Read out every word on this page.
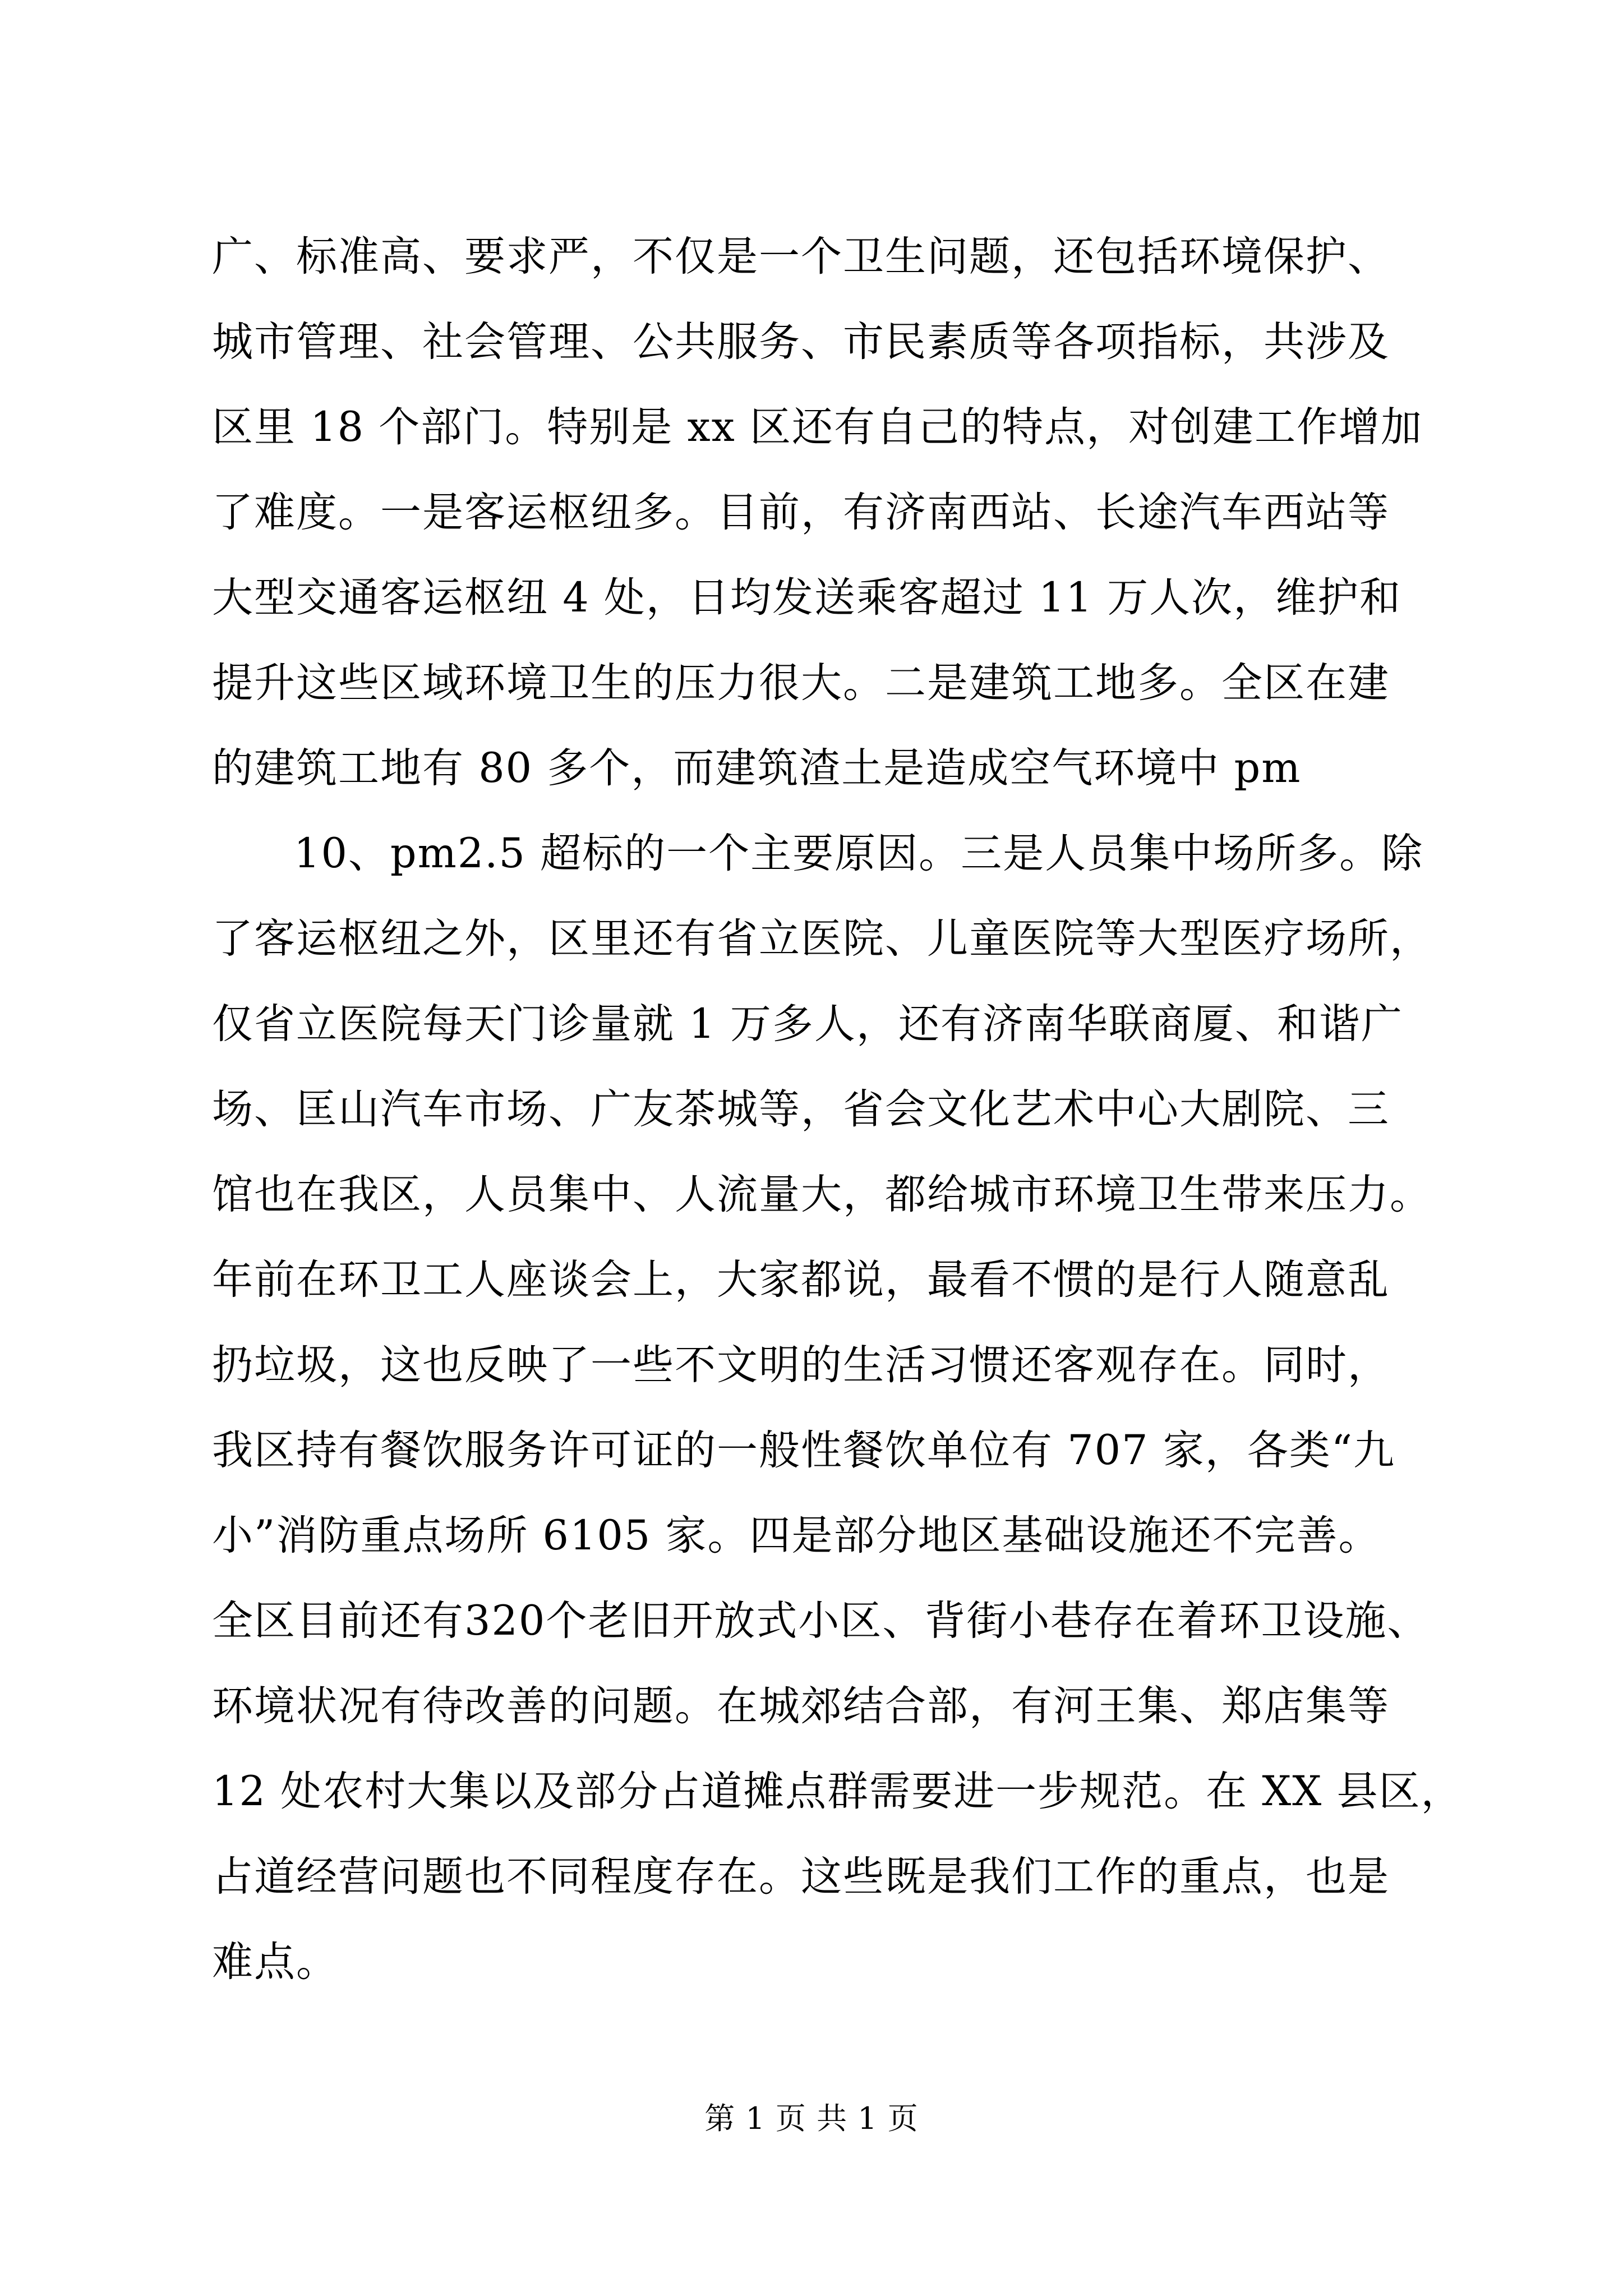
广、标准高、要求严，不仅是一个卫生问题，还包括环境保护、
城市管理、社会管理、公共服务、市民素质等各项指标，共涉及
区里 18 个部门。特别是 xx 区还有自己的特点，对创建工作增加
了难度。一是客运枢纽多。目前，有济南西站、长途汽车西站等
大型交通客运枢纽 4 处，日均发送乘客超过 11 万人次，维护和
提升这些区域环境卫生的压力很大。二是建筑工地多。全区在建
的建筑工地有 80 多个，而建筑渣土是造成空气环境中 pm
10、pm2.5 超标的一个主要原因。三是人员集中场所多。除
了客运枢纽之外，区里还有省立医院、儿童医院等大型医疗场所，
仅省立医院每天门诊量就 1 万多人，还有济南华联商厦、和谐广
场、匡山汽车市场、广友茶城等，省会文化艺术中心大剧院、三
馆也在我区，人员集中、人流量大，都给城市环境卫生带来压力。
年前在环卫工人座谈会上，大家都说，最看不惯的是行人随意乱
扔垃圾，这也反映了一些不文明的生活习惯还客观存在。同时，
我区持有餐饮服务许可证的一般性餐饮单位有 707 家，各类“九
小”消防重点场所 6105 家。四是部分地区基础设施还不完善。
全区目前还有320个老旧开放式小区、背街小巷存在着环卫设施、
环境状况有待改善的问题。在城郊结合部，有河王集、郑店集等
12 处农村大集以及部分占道摊点群需要进一步规范。在 XX 县区，
占道经营问题也不同程度存在。这些既是我们工作的重点，也是
难点。
第 1 页 共 1 页
